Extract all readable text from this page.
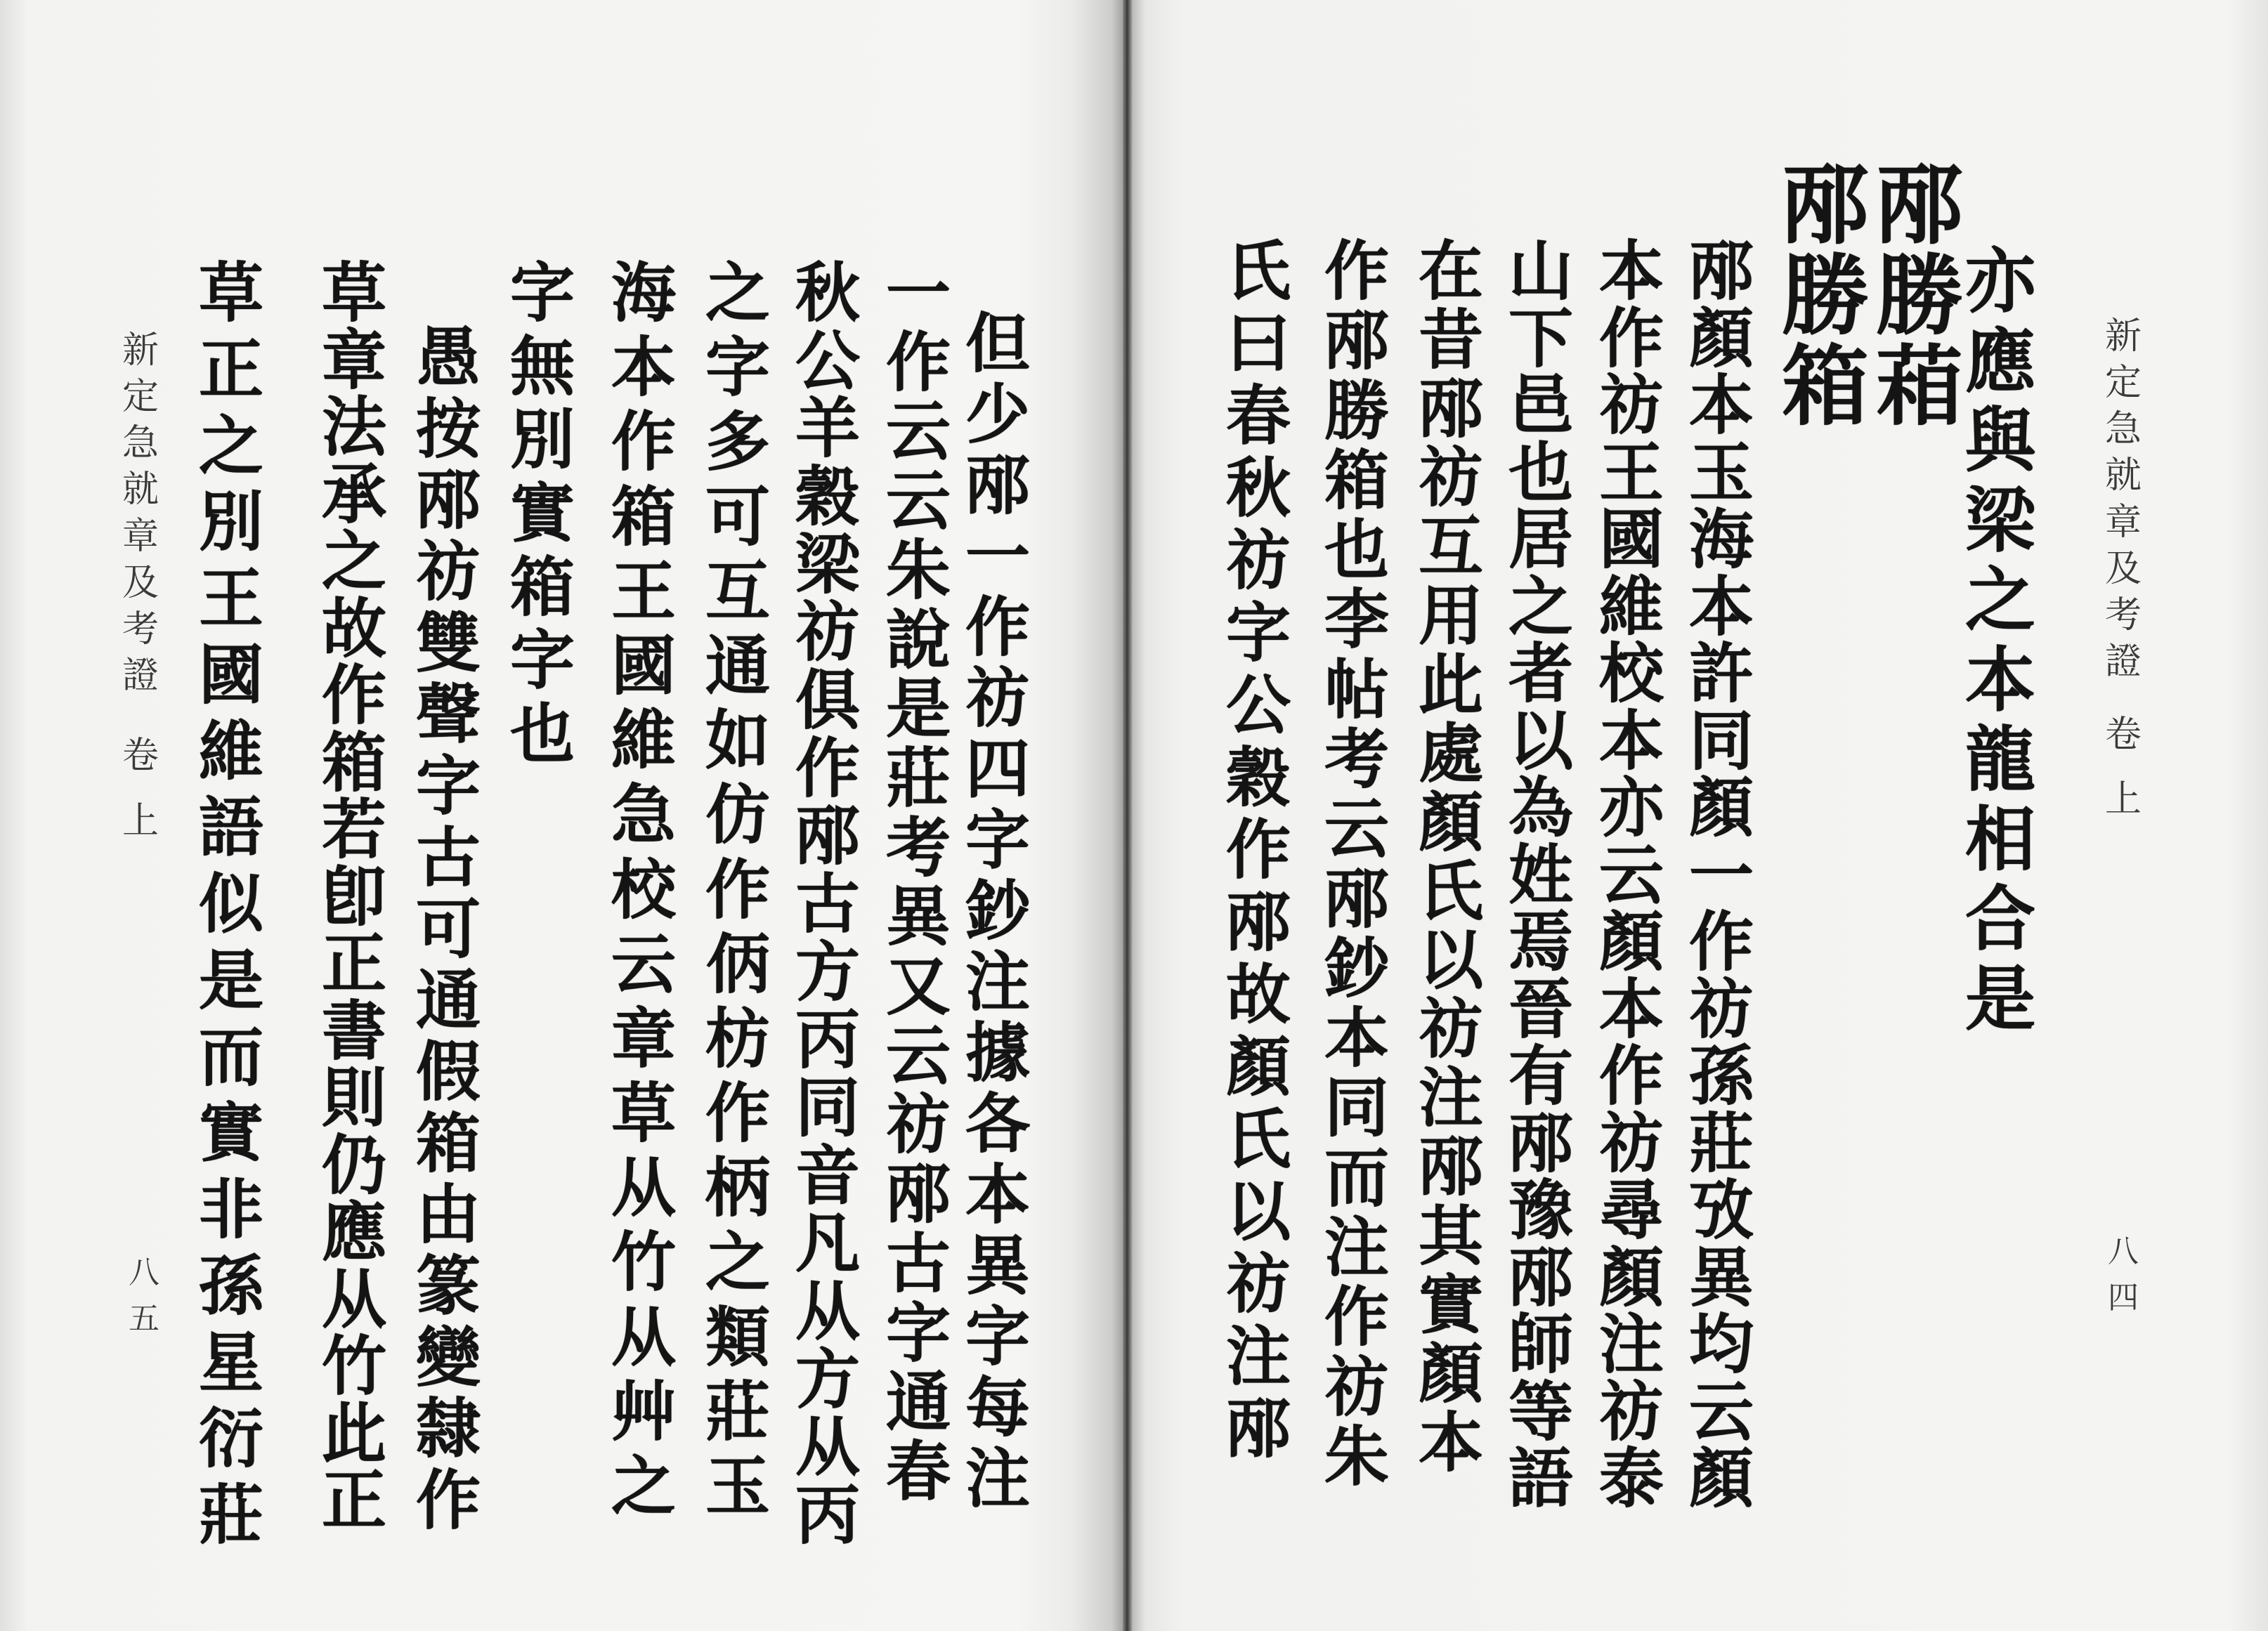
新
定
急
就
章
及
考
證
卷
上
八
五
但
少
邴
一
作
祊
四
字
鈔
注
據
各
本
異
字
每
注
一
作
云
云
朱
說
是
莊
考
異
又
云
祊
邴
古
字
通
春
秋
公
羊
穀
梁
祊
俱
作
邴
古
方
丙
同
音
凡
从
方
从
丙
之
字
多
可
互
通
如
仿
作
㑂
枋
作
柄
之
類
莊
玉
海
本
作
箱
王
國
維
急
校
云
章
草
从
竹
从
艸
之
字
無
別
實
箱
字
也
愚
按
邴
祊
雙
聲
字
古
可
通
假
箱
由
篆
變
隸
作
草
章
法
承
之
故
作
箱
若
卽
正
書
則
仍
應
从
竹
此
正
草
正
之
別
王
國
維
語
似
是
而
實
非
孫
星
衍
莊
新
定
急
就
章
及
考
證
卷
上
八
四
亦
應
與
梁
之
本
龍
相
合
是
邴
勝
葙
邴
勝
箱
邴
顏
本
玉
海
本
許
同
顏
一
作
祊
孫
莊
攷
異
均
云
顏
本
作
祊
王
國
維
校
本
亦
云
顏
本
作
祊
尋
顏
注
祊
泰
山
下
邑
也
居
之
者
以
為
姓
焉
晉
有
邴
豫
邴
師
等
語
在
昔
邴
祊
互
用
此
處
顏
氏
以
祊
注
邴
其
實
顏
本
作
邴
勝
箱
也
李
帖
考
云
邴
鈔
本
同
而
注
作
祊
朱
氏
曰
春
秋
祊
字
公
穀
作
邴
故
顏
氏
以
祊
注
邴
